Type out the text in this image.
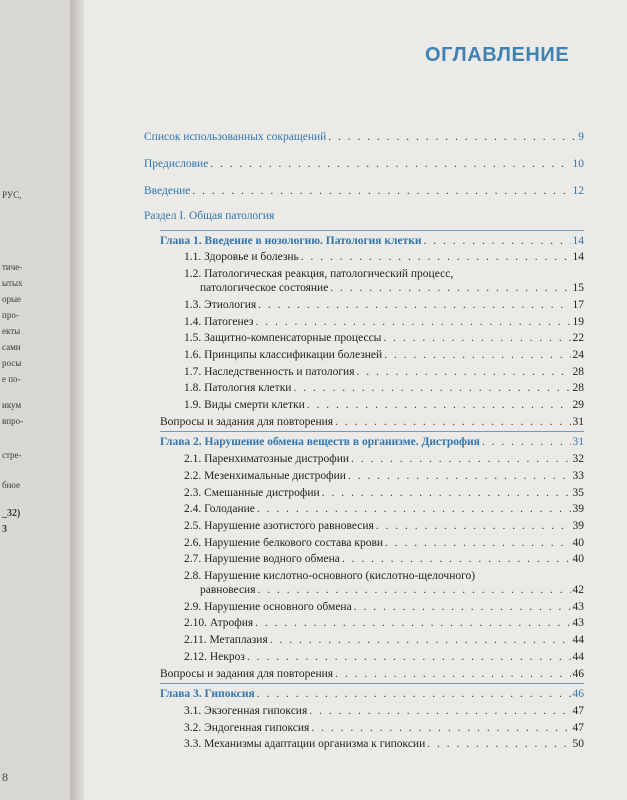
РУС,
тиче-
ытых
орые
про-
екты
сами
росы
е по-
икум
впро-
стре-
бное
_32)
3
8
ОГЛАВЛЕНИЕ
Список использованных сокращений . . .	9
Предисловие . . .	10
Введение . . .	12
Раздел I. Общая патология
Глава 1. Введение в нозологию. Патология клетки . . .	14
1.1. Здоровье и болезнь . . .	14
1.2. Патологическая реакция, патологический процесс,
патологическое состояние . . .	15
1.3. Этиология . . .	17
1.4. Патогенез . . .	19
1.5. Защитно-компенсаторные процессы . . .	22
1.6. Принципы классификации болезней . . .	24
1.7. Наследственность и патология . . .	28
1.8. Патология клетки . . .	28
1.9. Виды смерти клетки . . .	29
Вопросы и задания для повторения . . .	31
Глава 2. Нарушение обмена веществ в организме. Дистрофия . . .	31
2.1. Паренхиматозные дистрофии . . .	32
2.2. Мезенхимальные дистрофии . . .	33
2.3. Смешанные дистрофии . . .	35
2.4. Голодание . . .	39
2.5. Нарушение азотистого равновесия . . .	39
2.6. Нарушение белкового состава крови . . .	40
2.7. Нарушение водного обмена . . .	40
2.8. Нарушение кислотно-основного (кислотно-щелочного)
равновесия . . .	42
2.9. Нарушение основного обмена . . .	43
2.10. Атрофия . . .	43
2.11. Метаплазия . . .	44
2.12. Некроз . . .	44
Вопросы и задания для повторения . . .	46
Глава 3. Гипоксия . . .	46
3.1. Экзогенная гипоксия . . .	47
3.2. Эндогенная гипоксия . . .	47
3.3. Механизмы адаптации организма к гипоксии . . .	50
